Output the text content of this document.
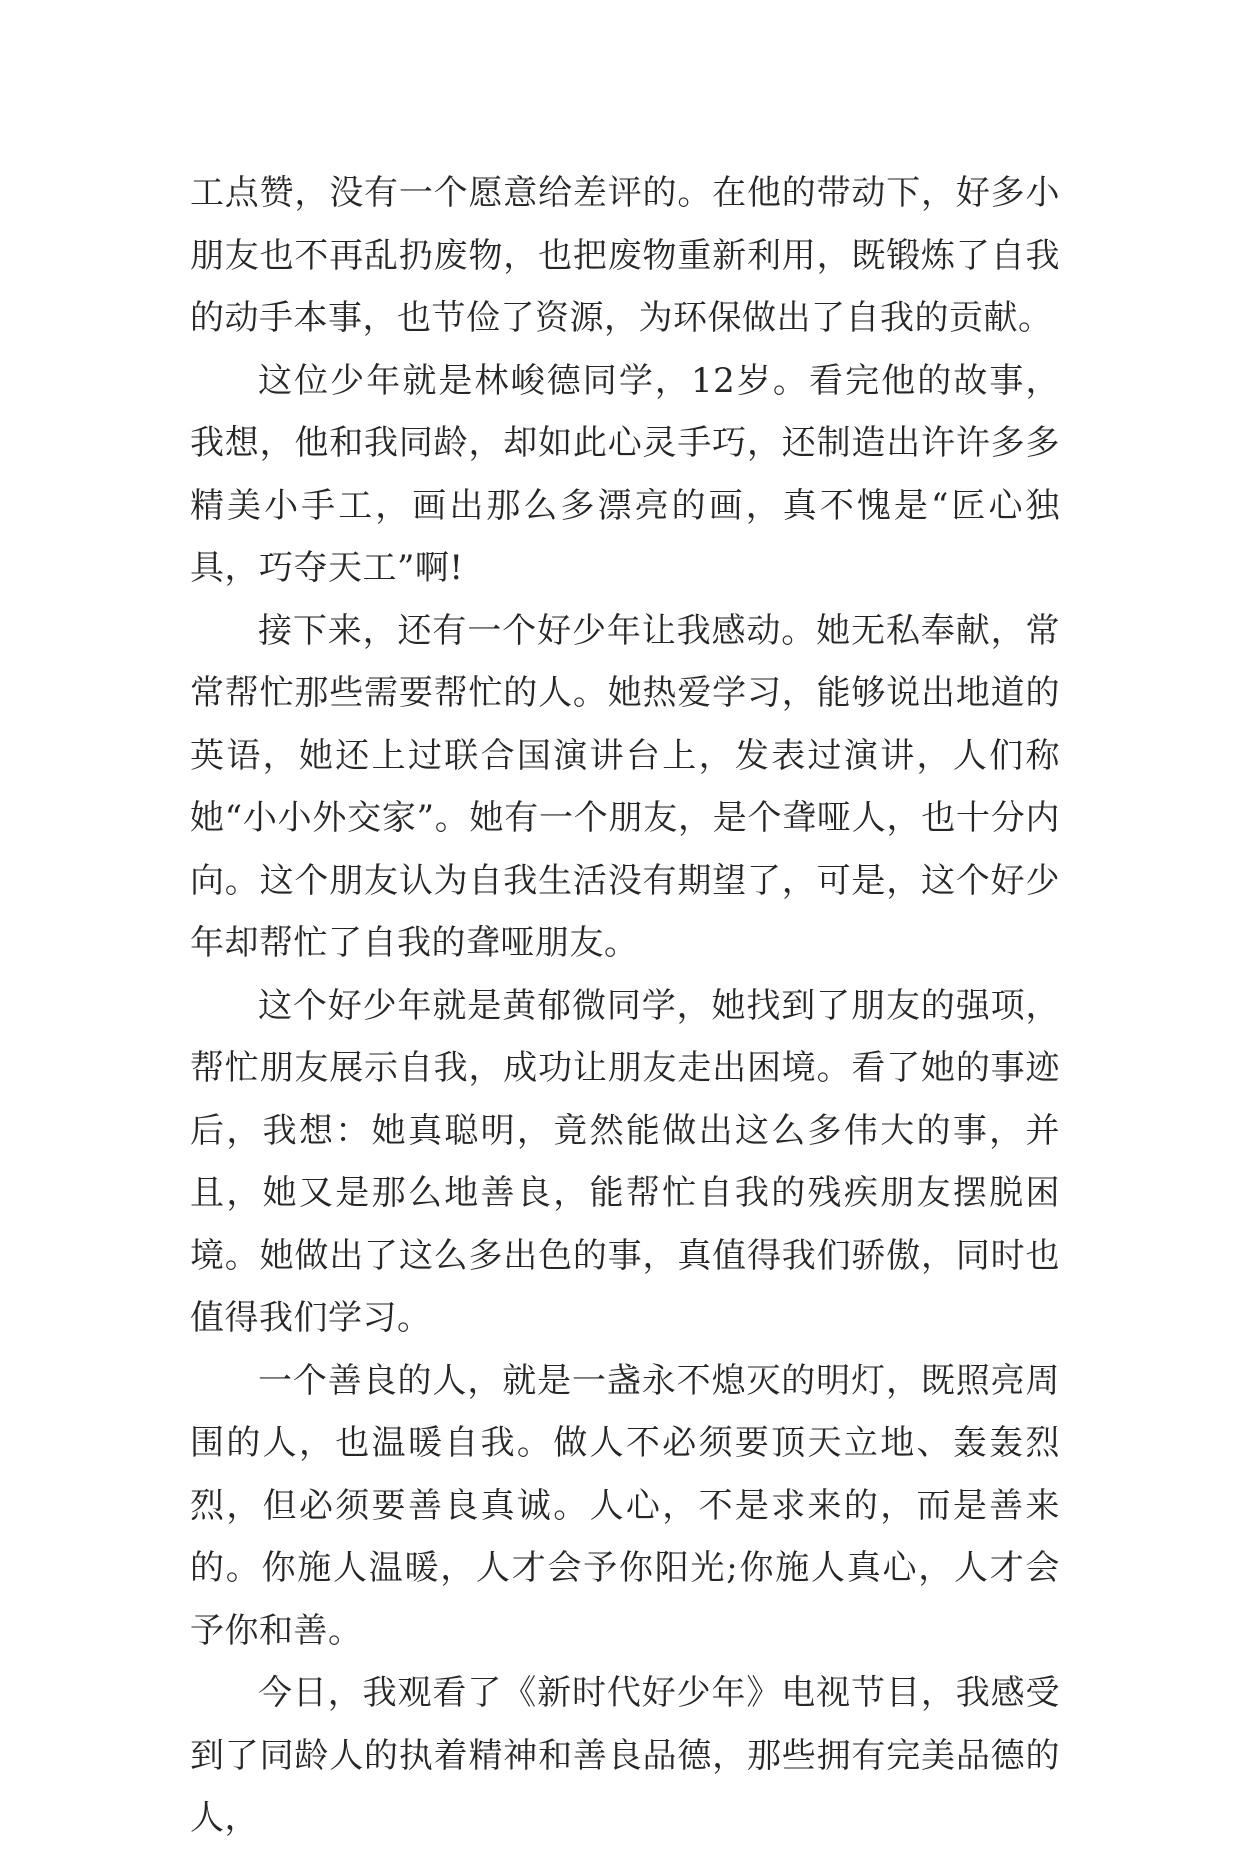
工点赞，没有一个愿意给差评的。在他的带动下，好多小朋友也不再乱扔废物，也把废物重新利用，既锻炼了自我的动手本事，也节俭了资源，为环保做出了自我的贡献。

这位少年就是林峻德同学，12岁。看完他的故事，我想，他和我同龄，却如此心灵手巧，还制造出许许多多精美小手工，画出那么多漂亮的画，真不愧是“匠心独具，巧夺天工”啊!

接下来，还有一个好少年让我感动。她无私奉献，常常帮忙那些需要帮忙的人。她热爱学习，能够说出地道的英语，她还上过联合国演讲台上，发表过演讲，人们称她“小小外交家”。她有一个朋友，是个聋哑人，也十分内向。这个朋友认为自我生活没有期望了，可是，这个好少年却帮忙了自我的聋哑朋友。

这个好少年就是黄郁微同学，她找到了朋友的强项，帮忙朋友展示自我，成功让朋友走出困境。看了她的事迹后，我想：她真聪明，竟然能做出这么多伟大的事，并且，她又是那么地善良，能帮忙自我的残疾朋友摆脱困境。她做出了这么多出色的事，真值得我们骄傲，同时也值得我们学习。

一个善良的人，就是一盏永不熄灭的明灯，既照亮周围的人，也温暖自我。做人不必须要顶天立地、轰轰烈烈，但必须要善良真诚。人心，不是求来的，而是善来的。你施人温暖，人才会予你阳光;你施人真心，人才会予你和善。

今日，我观看了《新时代好少年》电视节目，我感受到了同龄人的执着精神和善良品德，那些拥有完美品德的人，
